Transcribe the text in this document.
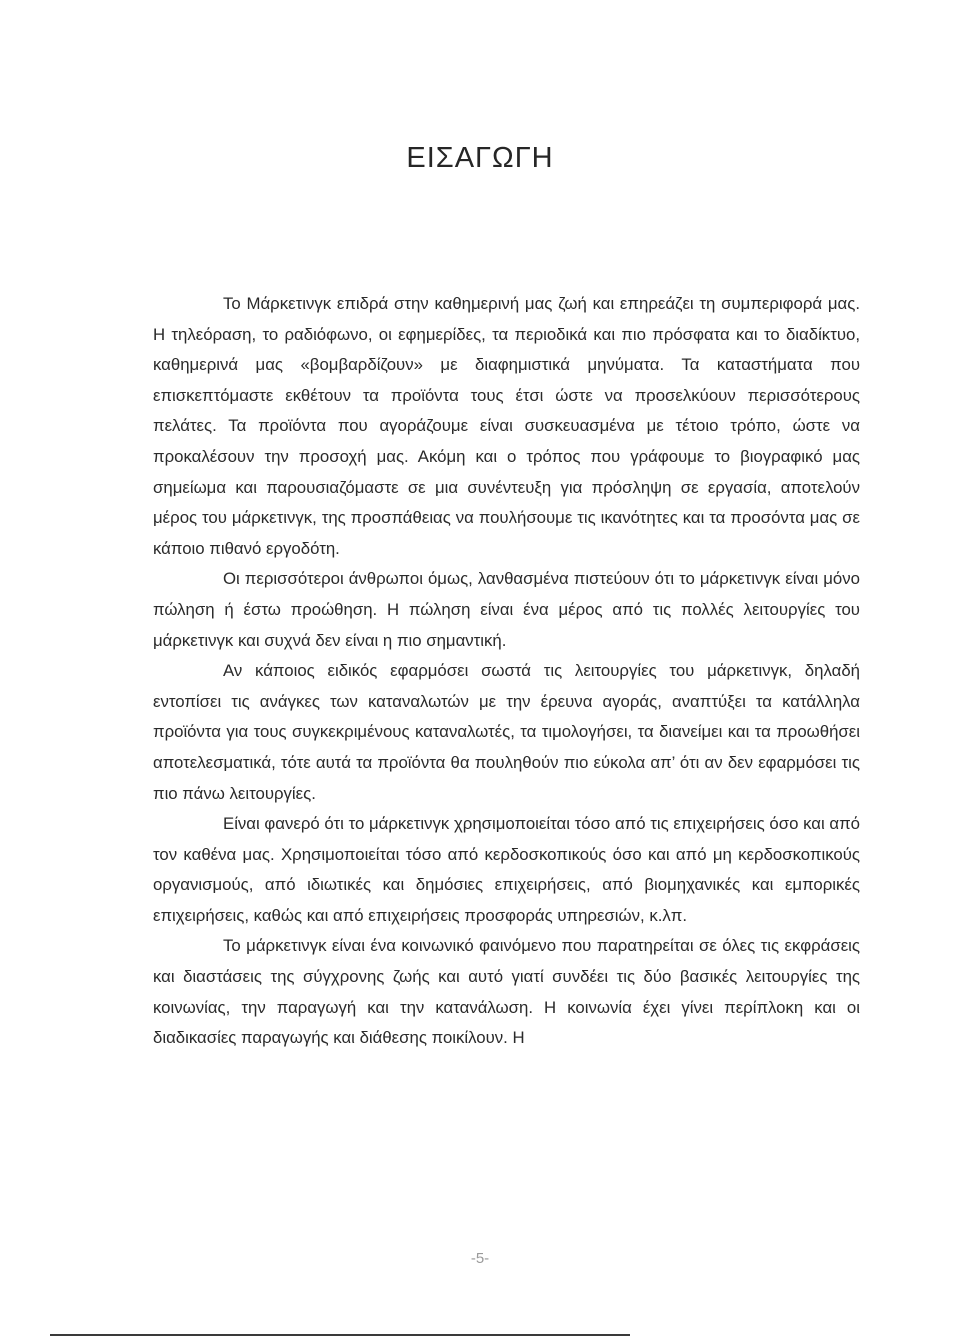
ΕΙΣΑΓΩΓΗ

Το Μάρκετινγκ επιδρά στην καθημερινή μας ζωή και επηρεάζει τη συμπεριφορά μας. Η τηλεόραση, το ραδιόφωνο, οι εφημερίδες, τα περιοδικά και πιο πρόσφατα και το διαδίκτυο, καθημερινά μας «βομβαρδίζουν» με διαφημιστικά μηνύματα. Τα καταστήματα που επισκεπτόμαστε εκθέτουν τα προϊόντα τους έτσι ώστε να προσελκύουν περισσότερους πελάτες. Τα προϊόντα που αγοράζουμε είναι συσκευασμένα με τέτοιο τρόπο, ώστε να προκαλέσουν την προσοχή μας. Ακόμη και ο τρόπος που γράφουμε το βιογραφικό μας σημείωμα και παρουσιαζόμαστε σε μια συνέντευξη για πρόσληψη σε εργασία, αποτελούν μέρος του μάρκετινγκ, της προσπάθειας να πουλήσουμε τις ικανότητες και τα προσόντα μας σε κάποιο πιθανό εργοδότη.

Οι περισσότεροι άνθρωποι όμως, λανθασμένα πιστεύουν ότι το μάρκετινγκ είναι μόνο πώληση ή έστω προώθηση. Η πώληση είναι ένα μέρος από τις πολλές λειτουργίες του μάρκετινγκ και συχνά δεν είναι η πιο σημαντική.

Αν κάποιος ειδικός εφαρμόσει σωστά τις λειτουργίες του μάρκετινγκ, δηλαδή εντοπίσει τις ανάγκες των καταναλωτών με την έρευνα αγοράς, αναπτύξει τα κατάλληλα προϊόντα για τους συγκεκριμένους καταναλωτές, τα τιμολογήσει, τα διανείμει και τα προωθήσει αποτελεσματικά, τότε αυτά τα προϊόντα θα πουληθούν πιο εύκολα απ’ ότι αν δεν εφαρμόσει τις πιο πάνω λειτουργίες.

Είναι φανερό ότι το μάρκετινγκ χρησιμοποιείται τόσο από τις επιχειρήσεις όσο και από τον καθένα μας. Χρησιμοποιείται τόσο από κερδοσκοπικούς όσο και από μη κερδοσκοπικούς οργανισμούς, από ιδιωτικές και δημόσιες επιχειρήσεις, από βιομηχανικές και εμπορικές επιχειρήσεις, καθώς και από επιχειρήσεις προσφοράς υπηρεσιών, κ.λπ.

Το μάρκετινγκ είναι ένα κοινωνικό φαινόμενο που παρατηρείται σε όλες τις εκφράσεις και διαστάσεις της σύγχρονης ζωής και αυτό γιατί συνδέει τις δύο βασικές λειτουργίες της κοινωνίας, την παραγωγή και την κατανάλωση. Η κοινωνία έχει γίνει περίπλοκη και οι διαδικασίες παραγωγής και διάθεσης ποικίλουν. Η

-5-
